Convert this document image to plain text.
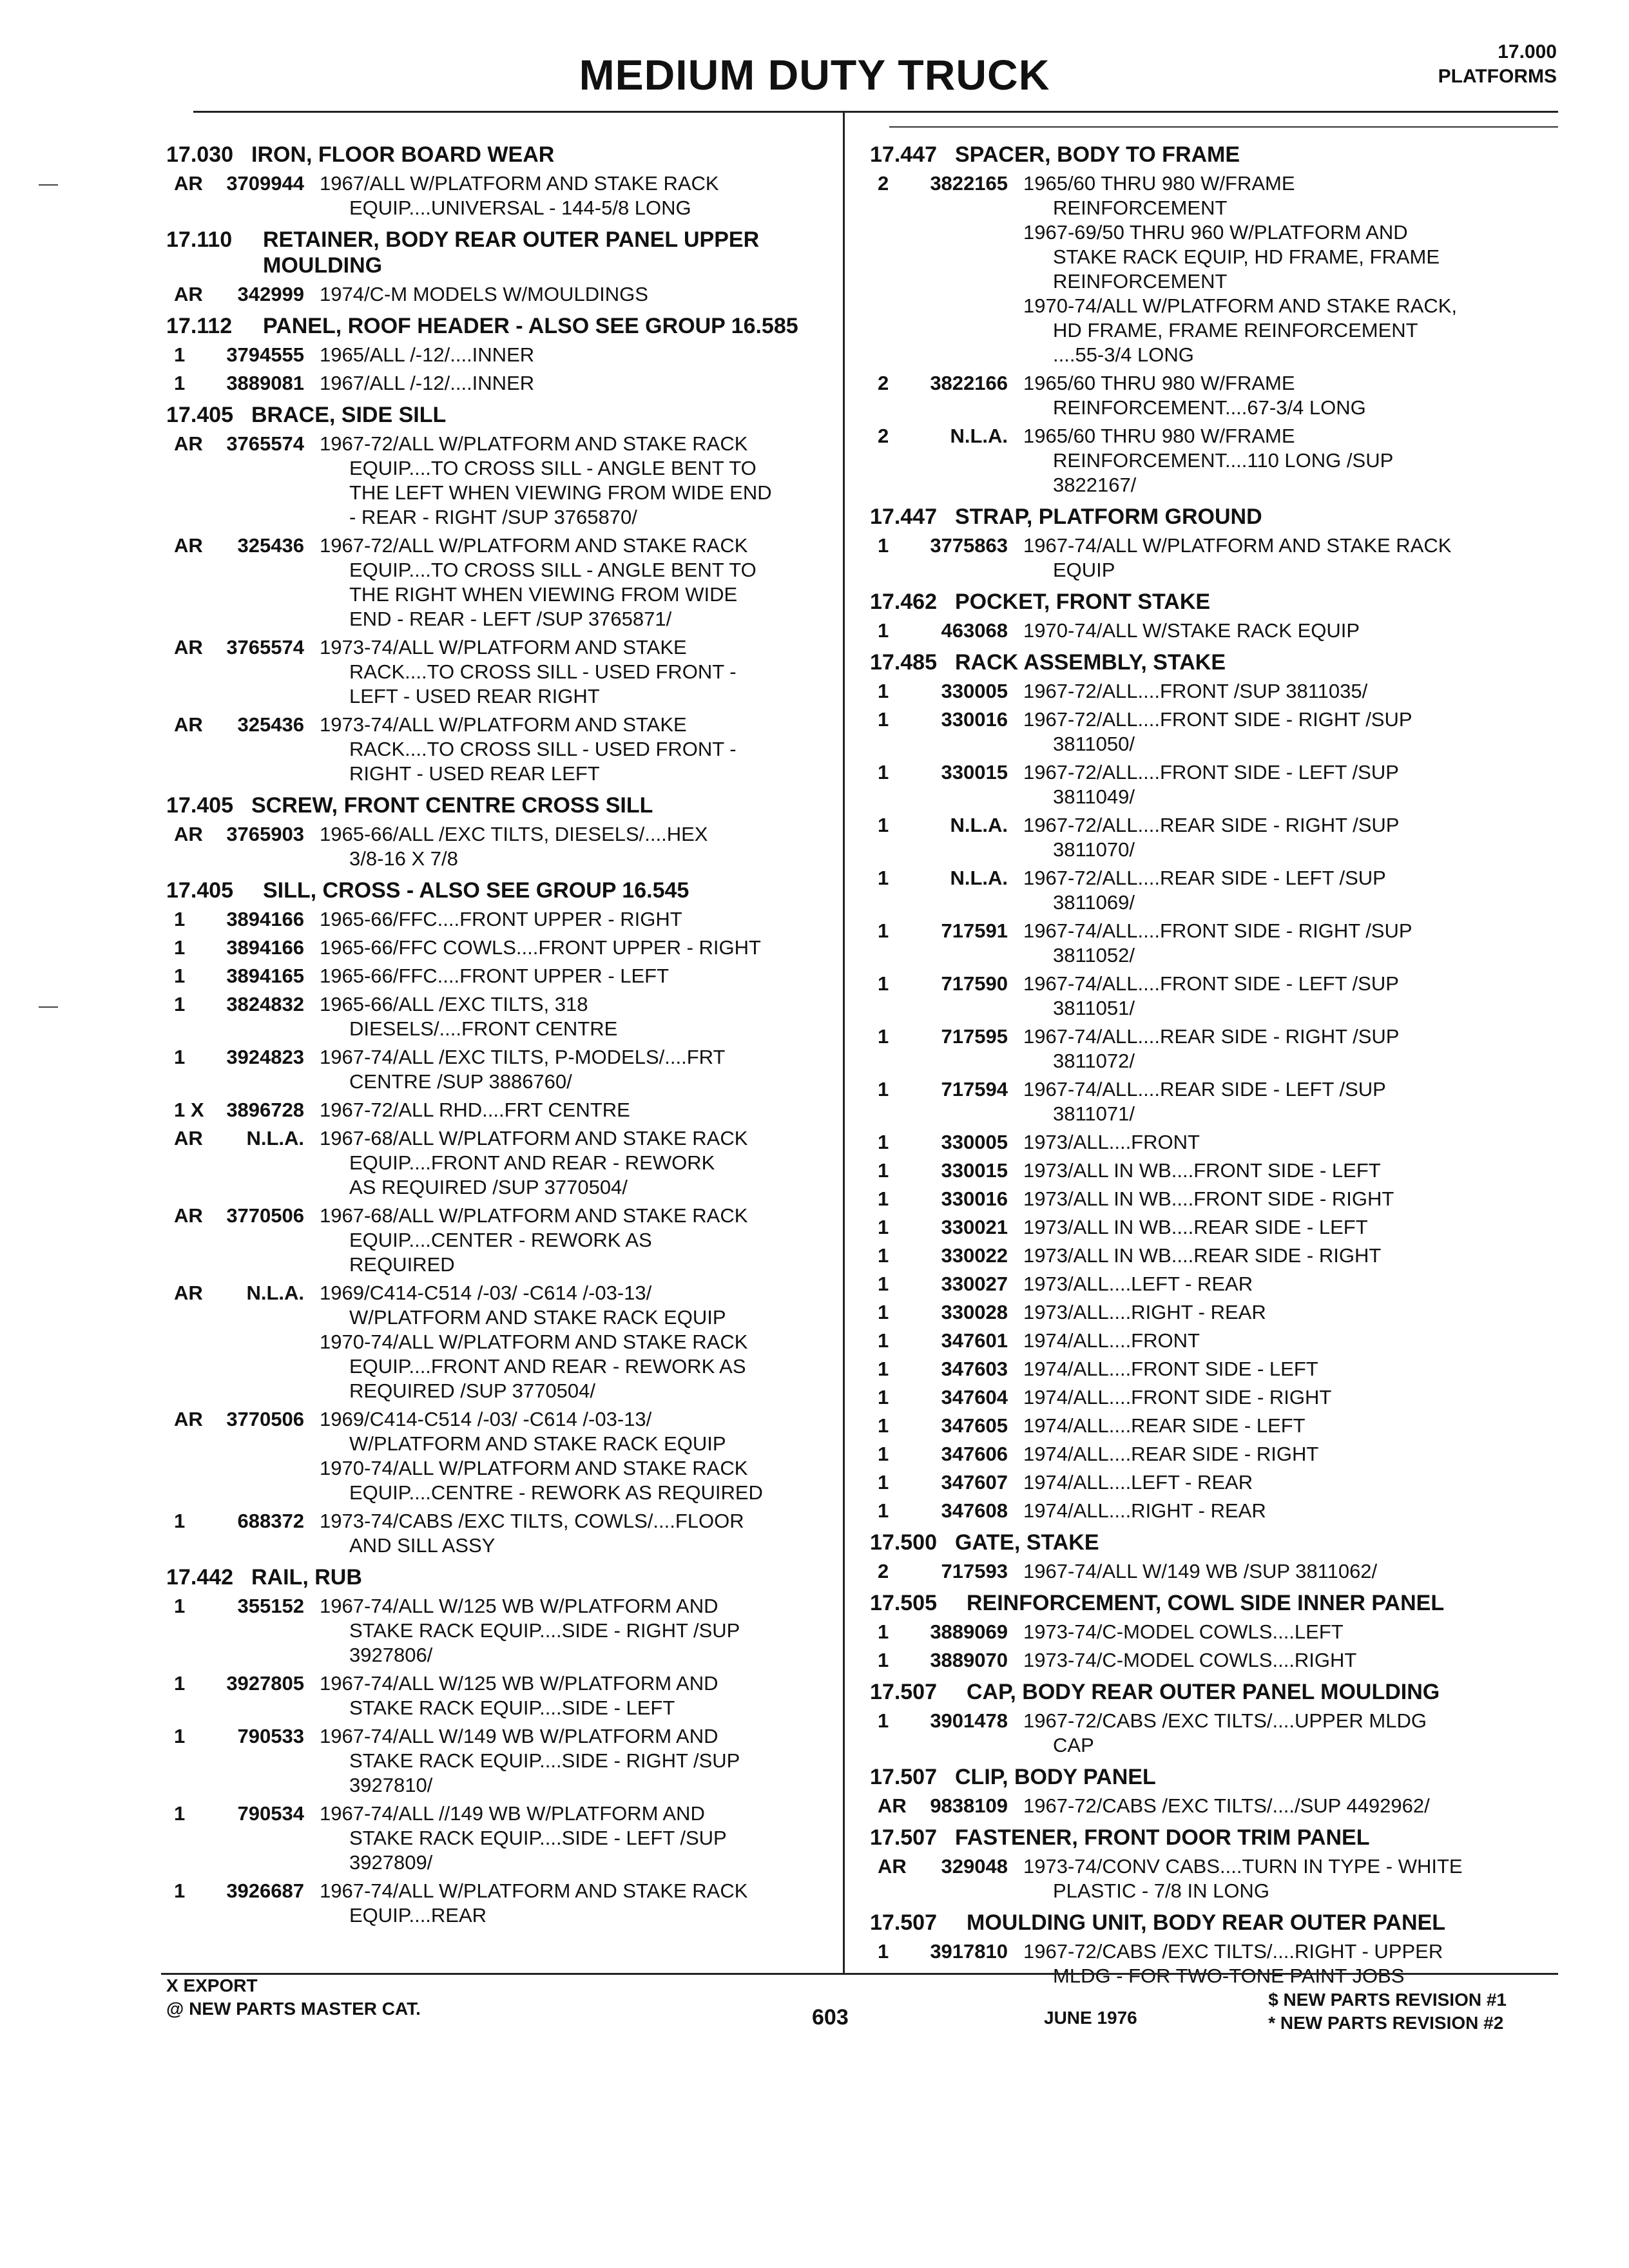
MEDIUM DUTY TRUCK	17.000
PLATFORMS
17.030 IRON, FLOOR BOARD WEAR
AR	3709944 1967/ALL W/PLATFORM AND STAKE RACK
EQUIP....UNIVERSAL - 144-5/8 LONG
17.110 RETAINER, BODY REAR OUTER PANEL UPPER MOULDING
AR	342999 1974/C-M MODELS W/MOULDINGS
17.112 PANEL, ROOF HEADER - ALSO SEE GROUP 16.585
1	3794555 1965/ALL /-12/....INNER
1	3889081 1967/ALL /-12/....INNER
17.405 BRACE, SIDE SILL
AR	3765574 1967-72/ALL W/PLATFORM AND STAKE RACK
EQUIP....TO CROSS SILL - ANGLE BENT TO
THE LEFT WHEN VIEWING FROM WIDE END
- REAR - RIGHT /SUP 3765870/
AR	325436 1967-72/ALL W/PLATFORM AND STAKE RACK
EQUIP....TO CROSS SILL - ANGLE BENT TO
THE RIGHT WHEN VIEWING FROM WIDE
END - REAR - LEFT /SUP 3765871/
AR	3765574 1973-74/ALL W/PLATFORM AND STAKE
RACK....TO CROSS SILL - USED FRONT -
LEFT - USED REAR RIGHT
AR	325436 1973-74/ALL W/PLATFORM AND STAKE
RACK....TO CROSS SILL - USED FRONT -
RIGHT - USED REAR LEFT
17.405 SCREW, FRONT CENTRE CROSS SILL
AR	3765903 1965-66/ALL /EXC TILTS, DIESELS/....HEX
3/8-16 X 7/8
17.405 SILL, CROSS - ALSO SEE GROUP 16.545
1	3894166 1965-66/FFC....FRONT UPPER - RIGHT
1	3894166 1965-66/FFC COWLS....FRONT UPPER - RIGHT
1	3894165 1965-66/FFC....FRONT UPPER - LEFT
1	3824832 1965-66/ALL /EXC TILTS, 318
DIESELS/....FRONT CENTRE
1	3924823 1967-74/ALL /EXC TILTS, P-MODELS/....FRT
CENTRE /SUP 3886760/
1 X	3896728 1967-72/ALL RHD....FRT CENTRE
AR	N.L.A. 1967-68/ALL W/PLATFORM AND STAKE RACK
EQUIP....FRONT AND REAR - REWORK
AS REQUIRED /SUP 3770504/
AR	3770506 1967-68/ALL W/PLATFORM AND STAKE RACK
EQUIP....CENTER - REWORK AS
REQUIRED
AR	N.L.A. 1969/C414-C514 /-03/ -C614 /-03-13/
W/PLATFORM AND STAKE RACK EQUIP
1970-74/ALL W/PLATFORM AND STAKE RACK
EQUIP....FRONT AND REAR - REWORK AS
REQUIRED /SUP 3770504/
AR	3770506 1969/C414-C514 /-03/ -C614 /-03-13/
W/PLATFORM AND STAKE RACK EQUIP
1970-74/ALL W/PLATFORM AND STAKE RACK
EQUIP....CENTRE - REWORK AS REQUIRED
1	688372 1973-74/CABS /EXC TILTS, COWLS/....FLOOR
AND SILL ASSY
17.442 RAIL, RUB
1	355152 1967-74/ALL W/125 WB W/PLATFORM AND
STAKE RACK EQUIP....SIDE - RIGHT /SUP
3927806/
1	3927805 1967-74/ALL W/125 WB W/PLATFORM AND
STAKE RACK EQUIP....SIDE - LEFT
1	790533 1967-74/ALL W/149 WB W/PLATFORM AND
STAKE RACK EQUIP....SIDE - RIGHT /SUP
3927810/
1	790534 1967-74/ALL //149 WB W/PLATFORM AND
STAKE RACK EQUIP....SIDE - LEFT /SUP
3927809/
1	3926687 1967-74/ALL W/PLATFORM AND STAKE RACK
EQUIP....REAR
17.447 SPACER, BODY TO FRAME
2	3822165 1965/60 THRU 980 W/FRAME
REINFORCEMENT
1967-69/50 THRU 960 W/PLATFORM AND
STAKE RACK EQUIP, HD FRAME, FRAME
REINFORCEMENT
1970-74/ALL W/PLATFORM AND STAKE RACK,
HD FRAME, FRAME REINFORCEMENT
....55-3/4 LONG
2	3822166 1965/60 THRU 980 W/FRAME
REINFORCEMENT....67-3/4 LONG
2	N.L.A. 1965/60 THRU 980 W/FRAME
REINFORCEMENT....110 LONG /SUP
3822167/
17.447 STRAP, PLATFORM GROUND
1	3775863 1967-74/ALL W/PLATFORM AND STAKE RACK
EQUIP
17.462 POCKET, FRONT STAKE
1	463068 1970-74/ALL W/STAKE RACK EQUIP
17.485 RACK ASSEMBLY, STAKE
1	330005 1967-72/ALL....FRONT /SUP 3811035/
1	330016 1967-72/ALL....FRONT SIDE - RIGHT /SUP
3811050/
1	330015 1967-72/ALL....FRONT SIDE - LEFT /SUP
3811049/
1	N.L.A. 1967-72/ALL....REAR SIDE - RIGHT /SUP
3811070/
1	N.L.A. 1967-72/ALL....REAR SIDE - LEFT /SUP
3811069/
1	717591 1967-74/ALL....FRONT SIDE - RIGHT /SUP
3811052/
1	717590 1967-74/ALL....FRONT SIDE - LEFT /SUP
3811051/
1	717595 1967-74/ALL....REAR SIDE - RIGHT /SUP
3811072/
1	717594 1967-74/ALL....REAR SIDE - LEFT /SUP
3811071/
1	330005 1973/ALL....FRONT
1	330015 1973/ALL IN WB....FRONT SIDE - LEFT
1	330016 1973/ALL IN WB....FRONT SIDE - RIGHT
1	330021 1973/ALL IN WB....REAR SIDE - LEFT
1	330022 1973/ALL IN WB....REAR SIDE - RIGHT
1	330027 1973/ALL....LEFT - REAR
1	330028 1973/ALL....RIGHT - REAR
1	347601 1974/ALL....FRONT
1	347603 1974/ALL....FRONT SIDE - LEFT
1	347604 1974/ALL....FRONT SIDE - RIGHT
1	347605 1974/ALL....REAR SIDE - LEFT
1	347606 1974/ALL....REAR SIDE - RIGHT
1	347607 1974/ALL....LEFT - REAR
1	347608 1974/ALL....RIGHT - REAR
17.500 GATE, STAKE
2	717593 1967-74/ALL W/149 WB /SUP 3811062/
17.505 REINFORCEMENT, COWL SIDE INNER PANEL
1	3889069 1973-74/C-MODEL COWLS....LEFT
1	3889070 1973-74/C-MODEL COWLS....RIGHT
17.507 CAP, BODY REAR OUTER PANEL MOULDING
1	3901478 1967-72/CABS /EXC TILTS/....UPPER MLDG
CAP
17.507 CLIP, BODY PANEL
AR	9838109 1967-72/CABS /EXC TILTS/..../SUP 4492962/
17.507 FASTENER, FRONT DOOR TRIM PANEL
AR	329048 1973-74/CONV CABS....TURN IN TYPE - WHITE
PLASTIC - 7/8 IN LONG
17.507 MOULDING UNIT, BODY REAR OUTER PANEL
1	3917810 1967-72/CABS /EXC TILTS/....RIGHT - UPPER
MLDG - FOR TWO-TONE PAINT JOBS
X EXPORT
@ NEW PARTS MASTER CAT.	603	JUNE 1976
$ NEW PARTS REVISION #1
* NEW PARTS REVISION #2
